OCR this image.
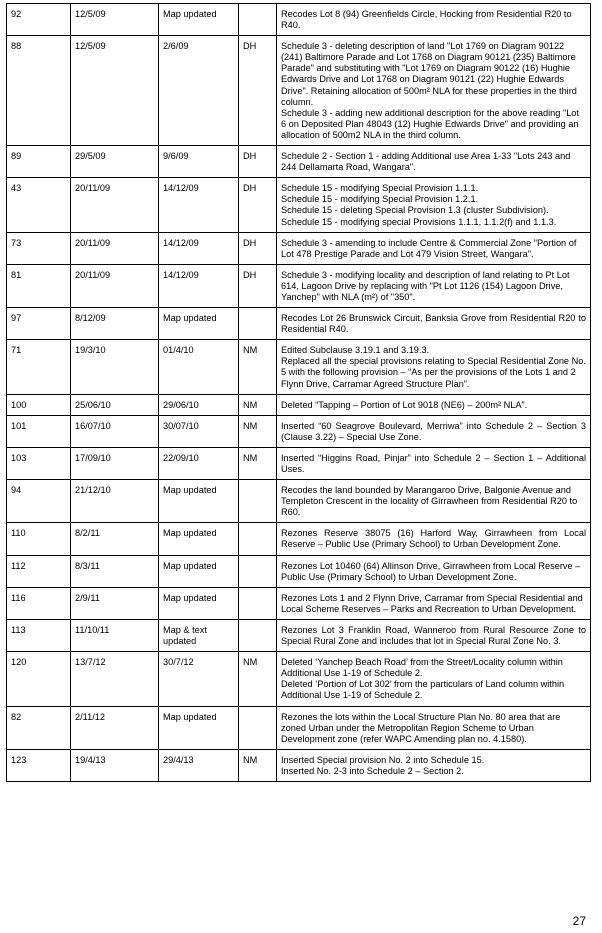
92	12/5/09	Map updated		Recodes Lot 8 (94) Greenfields Circle, Hocking from Residential R20 to R40.

88	12/5/09	2/6/09	DH	Schedule 3 - deleting description of land "Lot 1769 on Diagram 90122 (241) Baltimore Parade and Lot 1768 on Diagram 90121 (235) Baltimore Parade" and substituting with "Lot 1769 on Diagram 90122 (16) Hughie Edwards Drive and Lot 1768 on Diagram 90121 (22) Hughie Edwards Drive". Retaining allocation of 500m² NLA for these properties in the third column.
Schedule 3 - adding new additional description for the above reading "Lot 6 on Deposited Plan 48043 (12) Hughie Edwards Drive" and providing an allocation of 500m2 NLA in the third column.

89	29/5/09	9/6/09	DH	Schedule 2 - Section 1 - adding Additional use Area 1-33 "Lots 243 and 244 Dellamarta Road, Wangara".

43	20/11/09	14/12/09	DH	Schedule 15 - modifying Special Provision 1.1.1.
Schedule 15 - modifying Special Provision 1.2.1.
Schedule 15 - deleting Special Provision 1.3 (cluster Subdivision).
Schedule 15 - modifying special Provisions 1.1.1, 1.1.2(f) and 1.1.3.

73	20/11/09	14/12/09	DH	Schedule 3 - amending to include Centre & Commercial Zone "Portion of Lot 478 Prestige Parade and Lot 479 Vision Street, Wangara".

81	20/11/09	14/12/09	DH	Schedule 3 - modifying locality and description of land relating to Pt Lot 614, Lagoon Drive by replacing with "Pt Lot 1126 (154) Lagoon Drive, Yanchep" with NLA (m²) of "350".

97	8/12/09	Map updated		Recodes Lot 26 Brunswick Circuit, Banksia Grove from Residential R20 to Residential R40.

71	19/3/10	01/4/10	NM	Edited Subclause 3.19.1 and 3.19.3.
Replaced all the special provisions relating to Special Residential Zone No. 5 with the following provision – “As per the provisions of the Lots 1 and 2 Flynn Drive, Carramar Agreed Structure Plan”.

100	25/06/10	29/06/10	NM	Deleted “Tapping – Portion of Lot 9018 (NE6) – 200m² NLA”.

101	16/07/10	30/07/10	NM	Inserted “60 Seagrove Boulevard, Merriwa” into Schedule 2 – Section 3 (Clause 3.22) – Special Use Zone.

103	17/09/10	22/09/10	NM	Inserted “Higgins Road, Pinjar” into Schedule 2 – Section 1 – Additional Uses.

94	21/12/10	Map updated		Recodes the land bounded by Marangaroo Drive, Balgonie Avenue and Templeton Crescent in the locality of Girrawheen from Residential R20 to R60.

110	8/2/11	Map updated		Rezones Reserve 38075 (16) Harford Way, Girrawheen from Local Reserve – Public Use (Primary School) to Urban Development Zone.

112	8/3/11	Map updated		Rezones Lot 10460 (64) Allinson Drive, Girrawheen from Local Reserve – Public Use (Primary School) to Urban Development Zone.

116	2/9/11	Map updated		Rezones Lots 1 and 2 Flynn Drive, Carramar from Special Residential and Local Scheme Reserves – Parks and Recreation to Urban Development.

113	11/10/11	Map & text updated		Rezones Lot 3 Franklin Road, Wanneroo from Rural Resource Zone to Special Rural Zone and includes that lot in Special Rural Zone No. 3.

120	13/7/12	30/7/12	NM	Deleted ‘Yanchep Beach Road’ from the Street/Locality column within Additional Use 1-19 of Schedule 2.
Deleted ‘Portion of Lot 302’ from the particulars of Land column within Additional Use 1-19 of Schedule 2.

82	2/11/12	Map updated		Rezones the lots within the Local Structure Plan No. 80 area that are zoned Urban under the Metropolitan Region Scheme to Urban Development zone (refer WAPC Amending plan no. 4.1580).

123	19/4/13	29/4/13	NM	Inserted Special provision No. 2 into Schedule 15.
Inserted No. 2-3 into Schedule 2 – Section 2.
27
